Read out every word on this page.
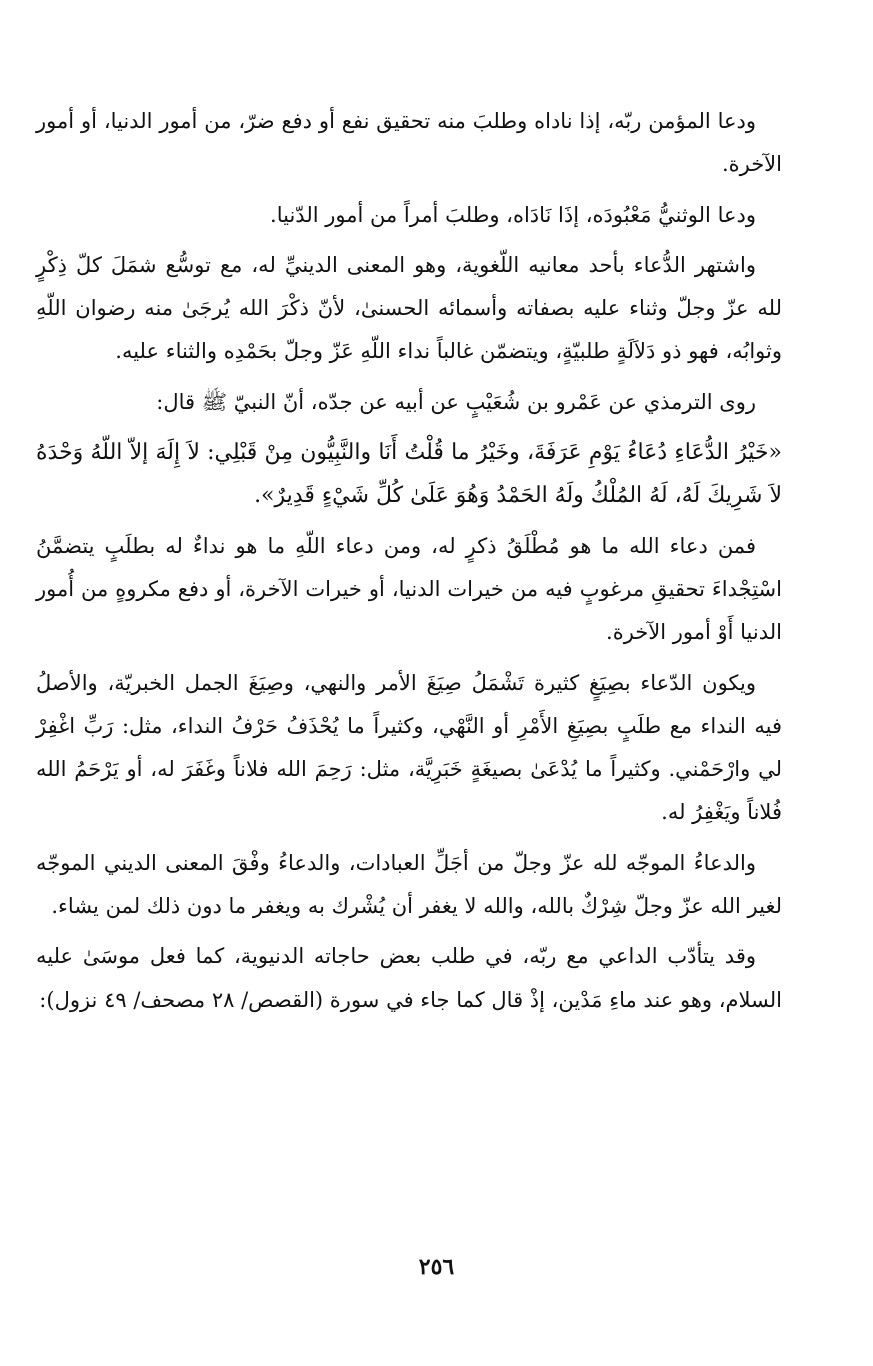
ودعا المؤمن ربّه، إذا ناداه وطلبَ منه تحقيق نفع أو دفع ضرّ، من أمور الدنيا، أو أمور الآخرة.

ودعا الوثنيُّ مَعْبُودَه، إذَا نَادَاه، وطلبَ أمراً من أمور الدّنيا.

واشتهر الدُّعاء بأحد معانيه اللّغوية، وهو المعنى الدينيِّ له، مع توسُّع شمَلَ كلّ ذِكْرٍ لله عزّ وجلّ وثناء عليه بصفاته وأسمائه الحسنىٰ، لأنّ ذكْرَ الله يُرجَىٰ منه رضوان اللّهِ وثوابُه، فهو ذو دَلاَلَةٍ طلبيّةٍ، ويتضمّن غالباً نداء اللّهِ عَزّ وجلّ بحَمْدِه والثناء عليه.

روى الترمذي عن عَمْرو بن شُعَيْبٍ عن أبيه عن جدّه، أنّ النبيّ ﷺ قال:

«خَيْرُ الدُّعَاءِ دُعَاءُ يَوْمِ عَرَفَةَ، وخَيْرُ ما قُلْتُ أَنَا والنَّبِيُّون مِنْ قَبْلِي: لاَ إِلَهَ إلاّ اللّهُ وَحْدَهُ لاَ شَرِيكَ لَهُ، لَهُ المُلْكُ ولَهُ الحَمْدُ وَهُوَ عَلَىٰ كُلِّ شَيْءٍ قَدِيرٌ».

فمن دعاء الله ما هو مُطْلَقُ ذكرٍ له، ومن دعاء اللّهِ ما هو نداءٌ له بطلَبٍ يتضمَّنُ اسْتِجْداءَ تحقيقِ مرغوبٍ فيه من خيرات الدنيا، أو خيرات الآخرة، أو دفع مكروهٍ من أُمور الدنيا أَوْ أمور الآخرة.

ويكون الدّعاء بصِيَغٍ كثيرة تَشْمَلُ صِيَغَ الأمر والنهي، وصِيَغَ الجمل الخبريّة، والأصلُ فيه النداء مع طلَبٍ بصِيَغِ الأَمْرِ أو النَّهْي، وكثيراً ما يُحْذَفُ حَرْفُ النداء، مثل: رَبِّ اغْفِرْ لي وارْحَمْني. وكثيراً ما يُدْعَىٰ بصيغَةٍ خَبَرِيَّة، مثل: رَحِمَ الله فلاناً وغَفَرَ له، أو يَرْحَمُ الله فُلاناً ويَغْفِرُ له.

والدعاءُ الموجّه لله عزّ وجلّ من أجَلِّ العبادات، والدعاءُ وفْقَ المعنى الديني الموجّه لغير الله عزّ وجلّ شِرْكٌ بالله، والله لا يغفر أن يُشْرك به ويغفر ما دون ذلك لمن يشاء.

وقد يتأدّب الداعي مع ربّه، في طلب بعض حاجاته الدنيوية، كما فعل موسَىٰ عليه السلام، وهو عند ماءِ مَدْين، إذْ قال كما جاء في سورة (القصص/ ٢٨ مصحف/ ٤٩ نزول):

٢٥٦
